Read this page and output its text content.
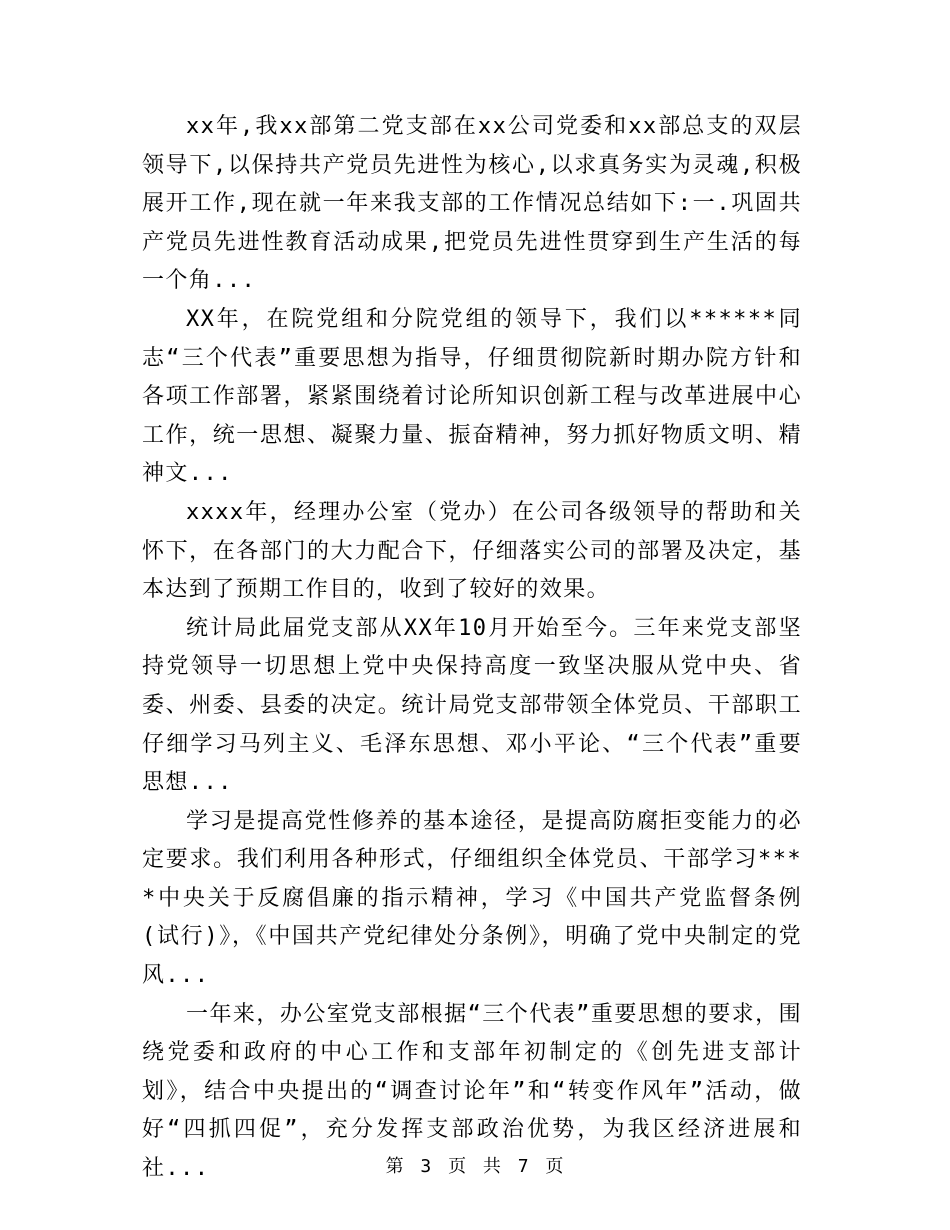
xx年,我xx部第二党支部在xx公司党委和xx部总支的双层领导下,以保持共产党员先进性为核心,以求真务实为灵魂,积极展开工作,现在就一年来我支部的工作情况总结如下:一.巩固共产党员先进性教育活动成果,把党员先进性贯穿到生产生活的每一个角...

XX年，在院党组和分院党组的领导下，我们以******同志“三个代表”重要思想为指导，仔细贯彻院新时期办院方针和各项工作部署，紧紧围绕着讨论所知识创新工程与改革进展中心工作，统一思想、凝聚力量、振奋精神，努力抓好物质文明、精神文...

xxxx年，经理办公室（党办）在公司各级领导的帮助和关怀下，在各部门的大力配合下，仔细落实公司的部署及决定，基本达到了预期工作目的，收到了较好的效果。

统计局此届党支部从XX年10月开始至今。三年来党支部坚持党领导一切思想上党中央保持高度一致坚决服从党中央、省委、州委、县委的决定。统计局党支部带领全体党员、干部职工仔细学习马列主义、毛泽东思想、邓小平论、“三个代表”重要思想...

学习是提高党性修养的基本途径，是提高防腐拒变能力的必定要求。我们利用各种形式，仔细组织全体党员、干部学习****中央关于反腐倡廉的指示精神，学习《中国共产党监督条例(试行)》，《中国共产党纪律处分条例》，明确了党中央制定的党风...

一年来，办公室党支部根据“三个代表”重要思想的要求，围绕党委和政府的中心工作和支部年初制定的《创先进支部计划》，结合中央提出的“调查讨论年”和“转变作风年”活动，做好“四抓四促”，充分发挥支部政治优势，为我区经济进展和社...	第 3 页 共 7 页
